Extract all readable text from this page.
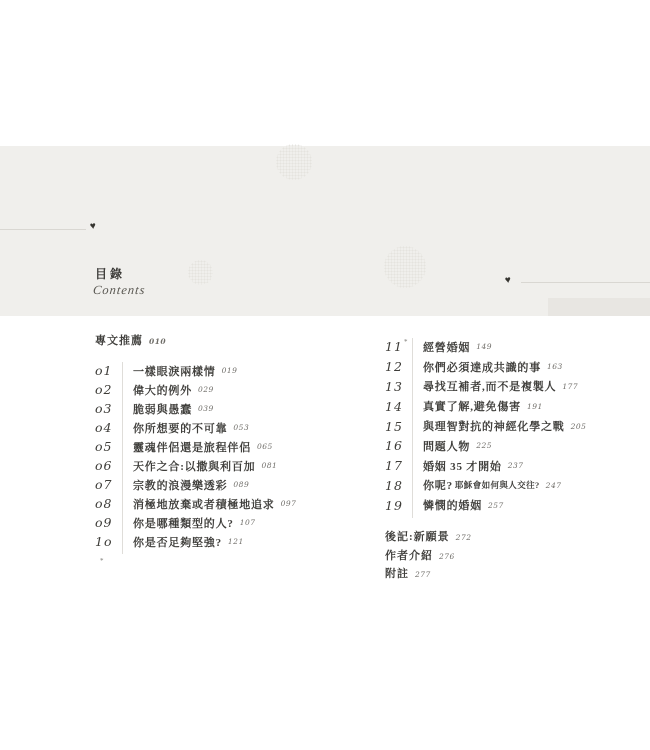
♥
♥
目錄
Contents
專文推薦 010
o1	一樣眼淚兩樣情 019
o2	偉大的例外 029
o3	脆弱與愚蠢 039
o4	你所想要的不可靠 053
o5	靈魂伴侶還是旅程伴侶 065
o6	天作之合:以撒與利百加 081
o7	宗教的浪漫樂透彩 089
o8	消極地放棄或者積極地追求 097
o9	你是哪種類型的人? 107
1o	你是否足夠堅強? 121
11	經營婚姻 149
12	你們必須達成共識的事 163
13	尋找互補者,而不是複製人 177
14	真實了解,避免傷害 191
15	與理智對抗的神經化學之戰 205
16	問題人物 225
17	婚姻 35 才開始 237
18	你呢? 耶穌會如何與人交往? 247
19	憐憫的婚姻 257
後記:新願景 272
作者介紹 276
附註 277
*
*
